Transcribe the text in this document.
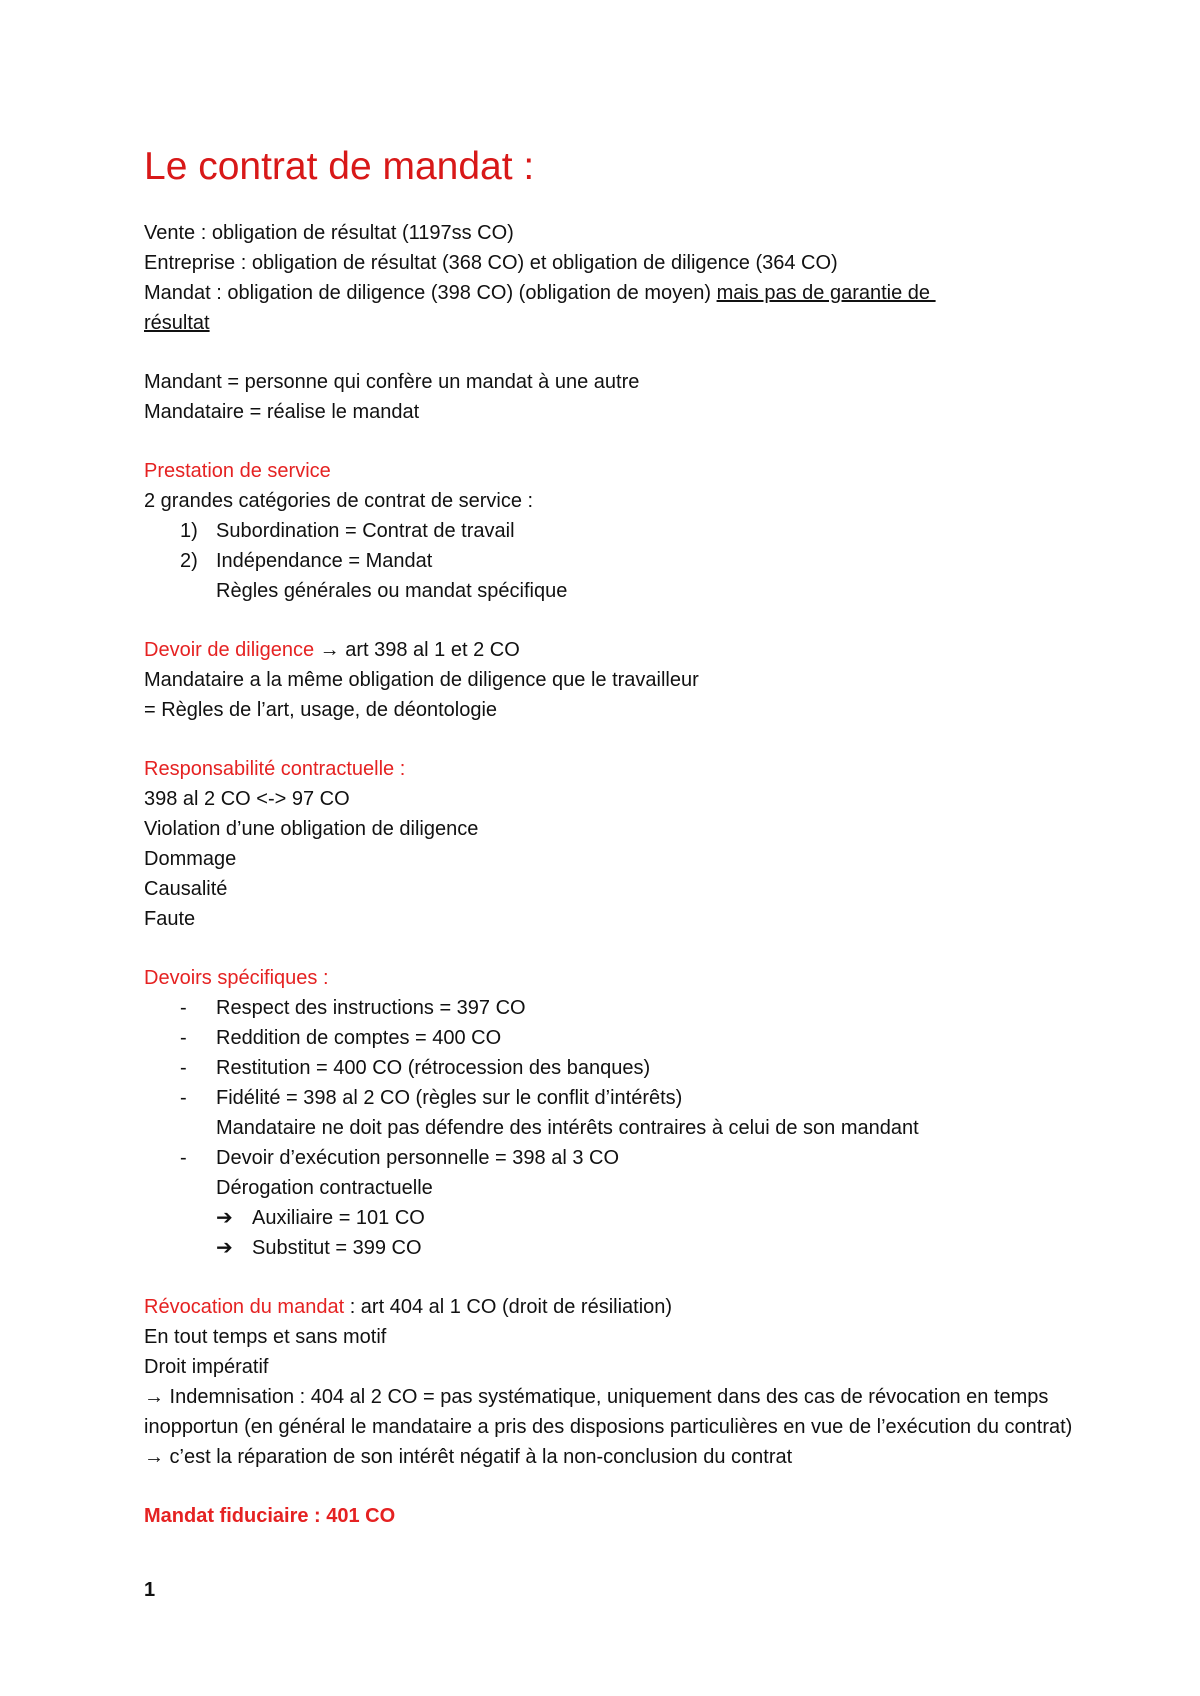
Le contrat de mandat :
Vente : obligation de résultat (1197ss CO)
Entreprise : obligation de résultat (368 CO) et obligation de diligence (364 CO)
Mandat : obligation de diligence (398 CO) (obligation de moyen) mais pas de garantie de
résultat
Mandant = personne qui confère un mandat à une autre
Mandataire = réalise le mandat
Prestation de service
2 grandes catégories de contrat de service :
1) Subordination = Contrat de travail
2) Indépendance = Mandat
Règles générales ou mandat spécifique
Devoir de diligence → art 398 al 1 et 2 CO
Mandataire a la même obligation de diligence que le travailleur
= Règles de l’art, usage, de déontologie
Responsabilité contractuelle :
398 al 2 CO <-> 97 CO
Violation d’une obligation de diligence
Dommage
Causalité
Faute
Devoirs spécifiques :
- Respect des instructions = 397 CO
- Reddition de comptes = 400 CO
- Restitution = 400 CO (rétrocession des banques)
- Fidélité = 398 al 2 CO (règles sur le conflit d’intérêts)
Mandataire ne doit pas défendre des intérêts contraires à celui de son mandant
- Devoir d’exécution personnelle = 398 al 3 CO
Dérogation contractuelle
➔ Auxiliaire = 101 CO
➔ Substitut = 399 CO
Révocation du mandat : art 404 al 1 CO (droit de résiliation)
En tout temps et sans motif
Droit impératif
→ Indemnisation : 404 al 2 CO = pas systématique, uniquement dans des cas de révocation en temps inopportun (en général le mandataire a pris des disposions particulières en vue de l’exécution du contrat) → c’est la réparation de son intérêt négatif à la non-conclusion du contrat
Mandat fiduciaire : 401 CO
1
